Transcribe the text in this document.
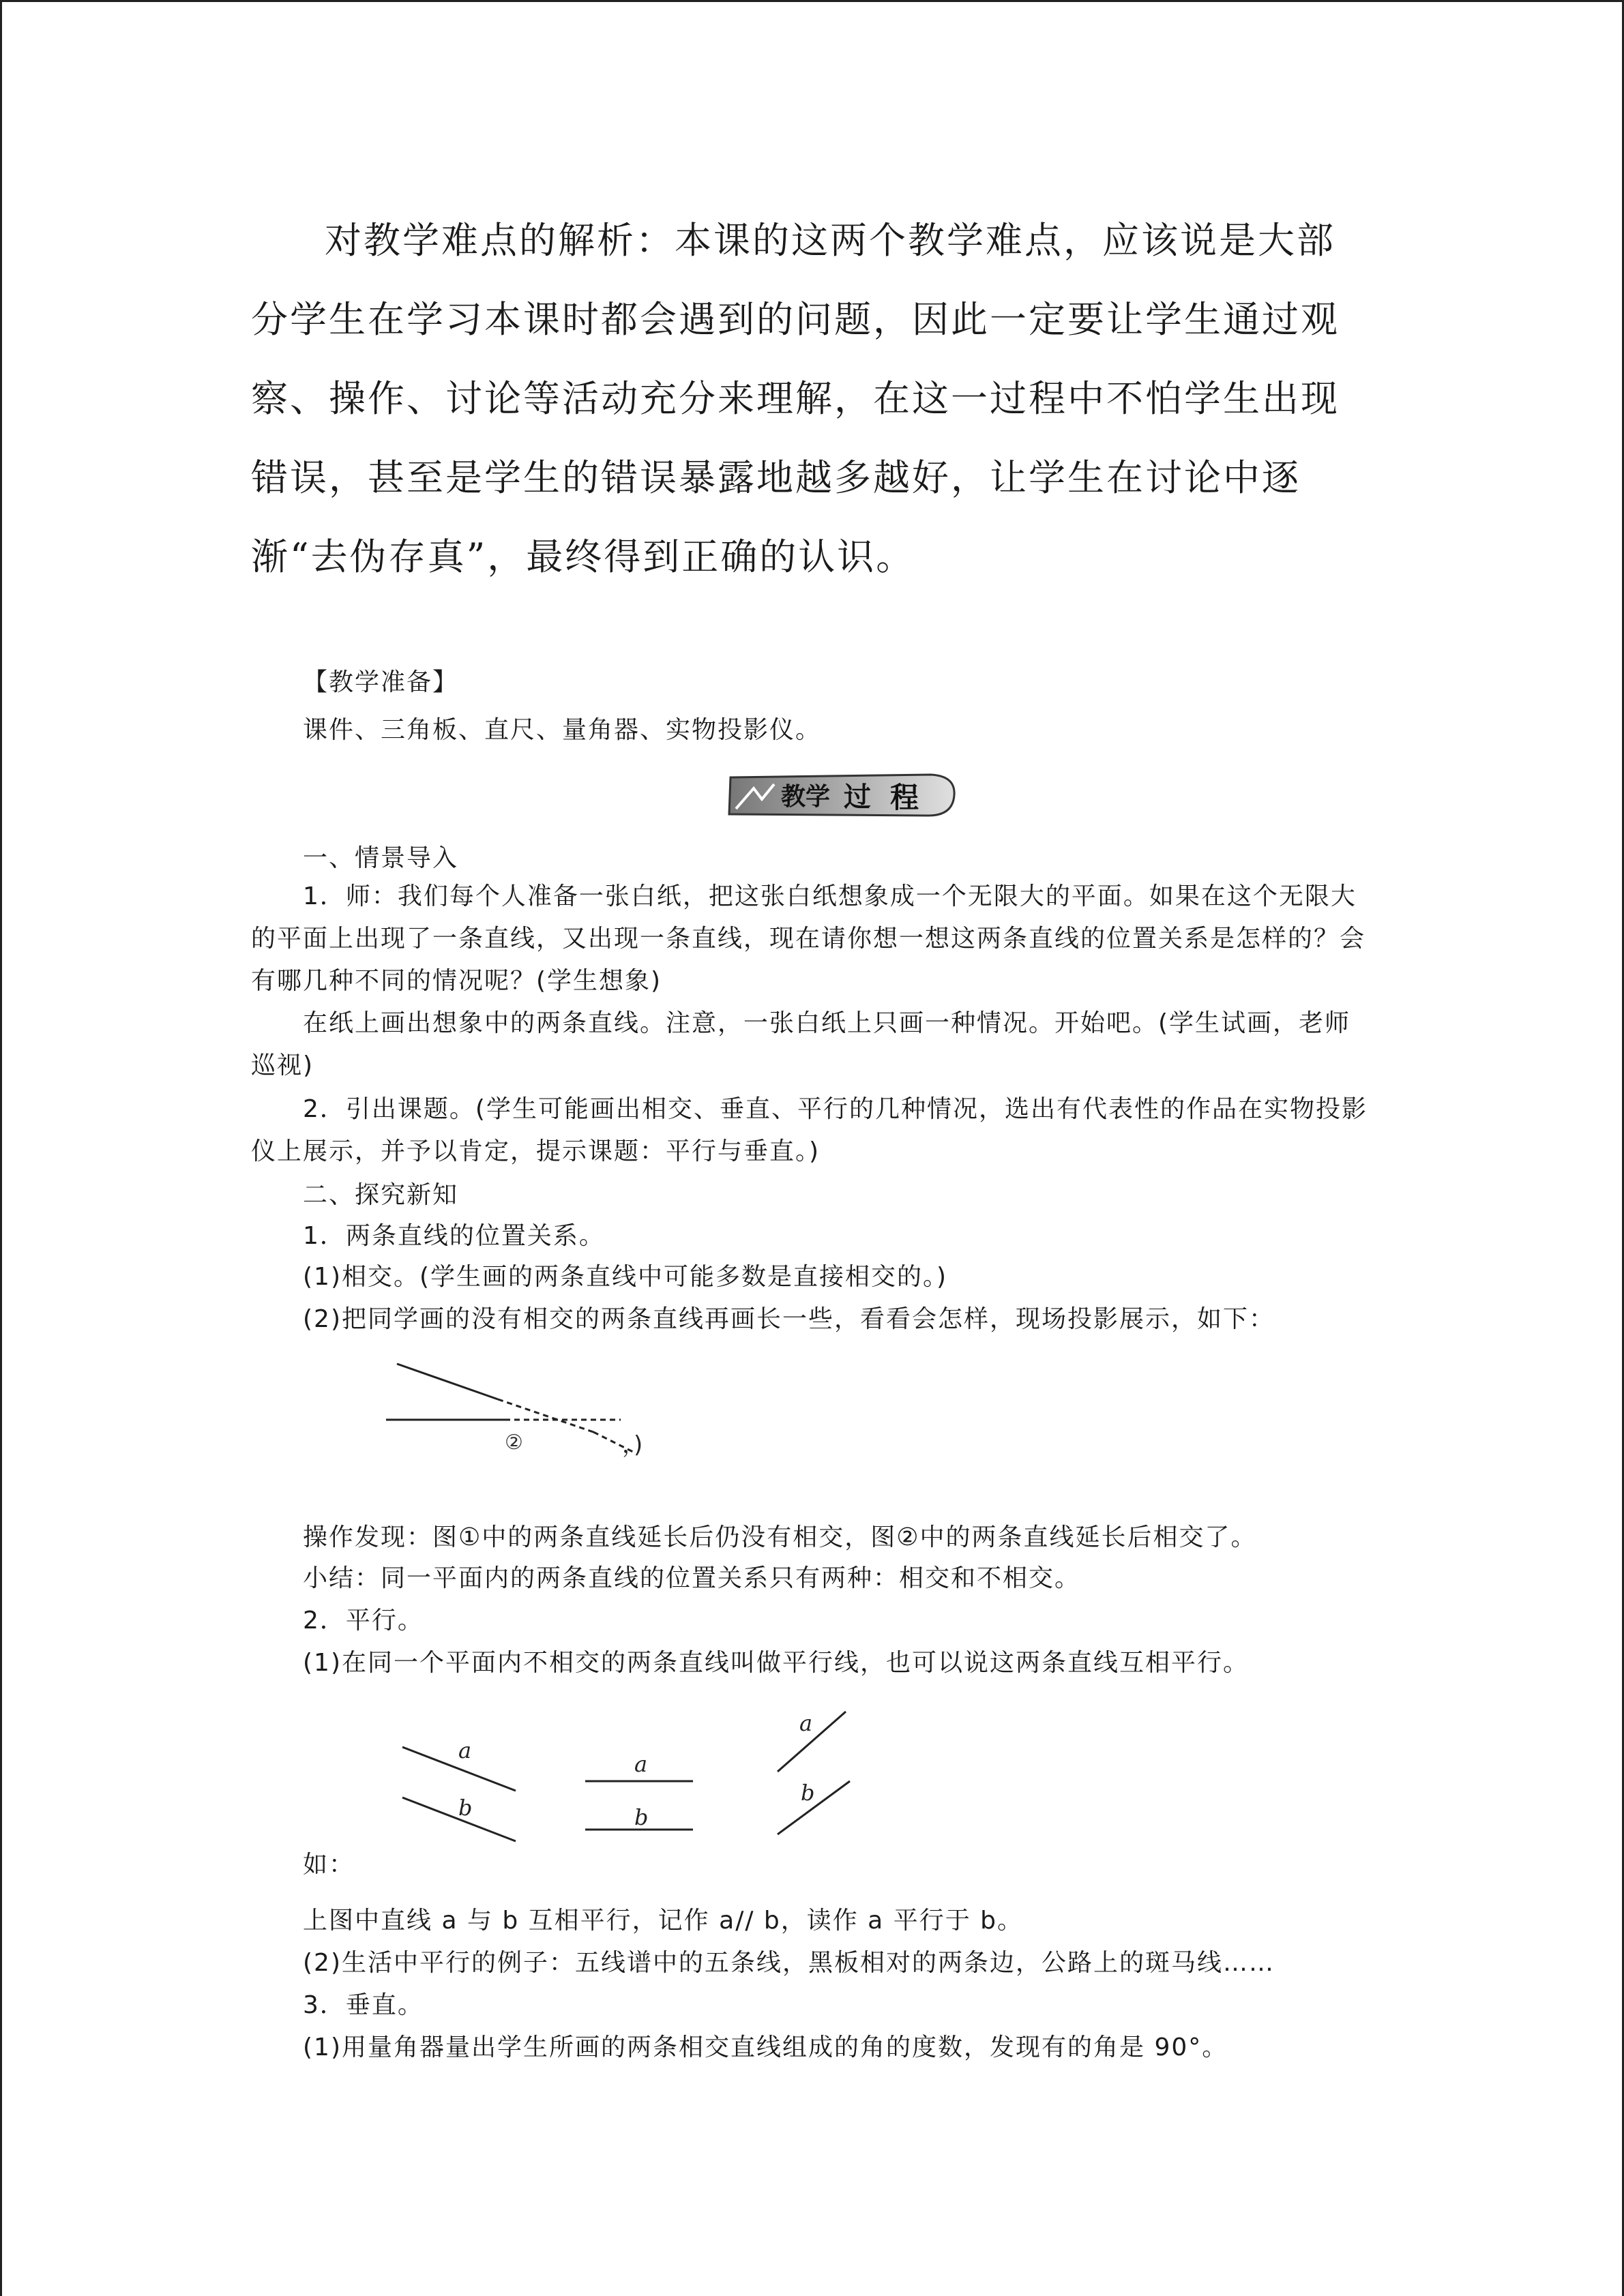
对教学难点的解析：本课的这两个教学难点，应该说是大部分学生在学习本课时都会遇到的问题，因此一定要让学生通过观察、操作、讨论等活动充分来理解，在这一过程中不怕学生出现错误，甚至是学生的错误暴露地越多越好，让学生在讨论中逐渐“去伪存真”，最终得到正确的认识。

【教学准备】

课件、三角板、直尺、量角器、实物投影仪。

教学 过 程

一、情景导入

1．师：我们每个人准备一张白纸，把这张白纸想象成一个无限大的平面。如果在这个无限大的平面上出现了一条直线，又出现一条直线，现在请你想一想这两条直线的位置关系是怎样的？会有哪几种不同的情况呢？(学生想象)

在纸上画出想象中的两条直线。注意，一张白纸上只画一种情况。开始吧。(学生试画，老师巡视)

2．引出课题。(学生可能画出相交、垂直、平行的几种情况，选出有代表性的作品在实物投影仪上展示，并予以肯定，提示课题：平行与垂直。)

二、探究新知

1．两条直线的位置关系。

(1)相交。(学生画的两条直线中可能多数是直接相交的。)

(2)把同学画的没有相交的两条直线再画长一些，看看会怎样，现场投影展示，如下：

②	，)

操作发现：图①中的两条直线延长后仍没有相交，图②中的两条直线延长后相交了。

小结：同一平面内的两条直线的位置关系只有两种：相交和不相交。

2．平行。

(1)在同一个平面内不相交的两条直线叫做平行线，也可以说这两条直线互相平行。

a
b
a
b
a
b

如：

上图中直线 a 与 b 互相平行，记作 a// b，读作 a 平行于 b。

(2)生活中平行的例子：五线谱中的五条线，黑板相对的两条边，公路上的斑马线……

3．垂直。

(1)用量角器量出学生所画的两条相交直线组成的角的度数，发现有的角是 90°。
